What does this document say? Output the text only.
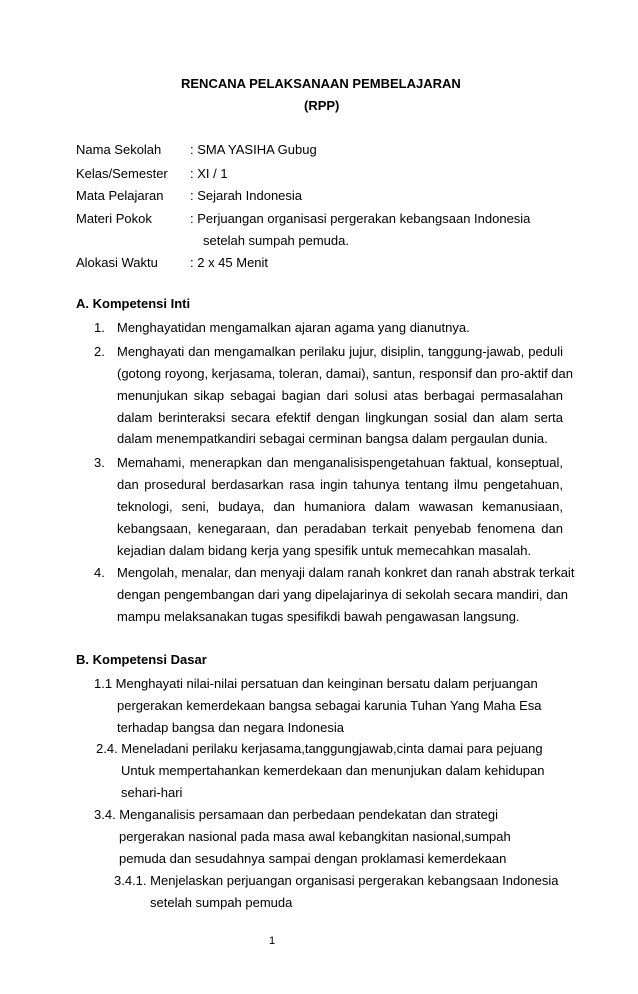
RENCANA PELAKSANAAN PEMBELAJARAN
(RPP)
Nama Sekolah : SMA YASIHA Gubug
Kelas/Semester : XI / 1
Mata Pelajaran : Sejarah Indonesia
Materi Pokok	: Perjuangan organisasi pergerakan kebangsaan Indonesia
setelah sumpah pemuda.
Alokasi Waktu : 2 x 45 Menit
A. Kompetensi Inti
1. Menghayatidan mengamalkan ajaran agama yang dianutnya.
2. Menghayati dan mengamalkan perilaku jujur, disiplin, tanggung-jawab, peduli
(gotong royong, kerjasama, toleran, damai), santun, responsif dan pro-aktif dan
menunjukan sikap sebagai bagian dari solusi atas berbagai permasalahan
dalam berinteraksi secara efektif dengan lingkungan sosial dan alam serta
dalam menempatkandiri sebagai cerminan bangsa dalam pergaulan dunia.
3. Memahami, menerapkan dan menganalisispengetahuan faktual, konseptual,
dan prosedural berdasarkan rasa ingin tahunya tentang ilmu pengetahuan,
teknologi, seni, budaya, dan humaniora dalam wawasan kemanusiaan,
kebangsaan, kenegaraan, dan peradaban terkait penyebab fenomena dan
kejadian dalam bidang kerja yang spesifik untuk memecahkan masalah.
4. Mengolah, menalar, dan menyaji dalam ranah konkret dan ranah abstrak terkait
dengan pengembangan dari yang dipelajarinya di sekolah secara mandiri, dan
mampu melaksanakan tugas spesifikdi bawah pengawasan langsung.
B. Kompetensi Dasar
1.1 Menghayati nilai-nilai persatuan dan keinginan bersatu dalam perjuangan
pergerakan kemerdekaan bangsa sebagai karunia Tuhan Yang Maha Esa
terhadap bangsa dan negara Indonesia
2.4. Meneladani perilaku kerjasama,tanggungjawab,cinta damai para pejuang
Untuk mempertahankan kemerdekaan dan menunjukan dalam kehidupan
sehari-hari
3.4. Menganalisis persamaan dan perbedaan pendekatan dan strategi
pergerakan nasional pada masa awal kebangkitan nasional,sumpah
pemuda dan sesudahnya sampai dengan proklamasi kemerdekaan
3.4.1. Menjelaskan perjuangan organisasi pergerakan kebangsaan Indonesia
setelah sumpah pemuda
1
